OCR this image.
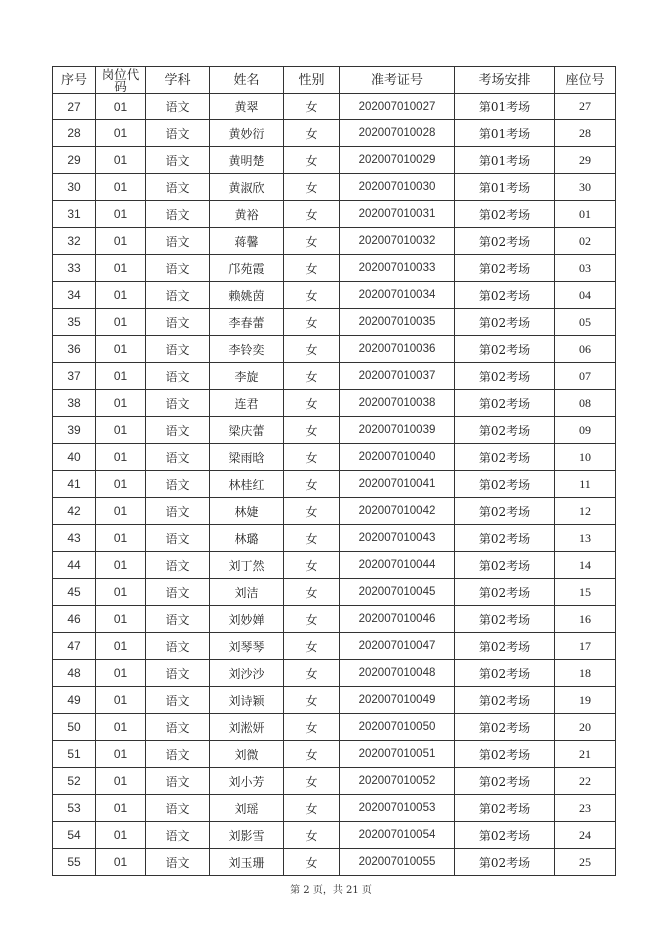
序号	岗位代码	学科	姓名	性别	准考证号	考场安排	座位号
27	01	语文	黄翠	女	202007010027	第01考场	27
28	01	语文	黄妙衍	女	202007010028	第01考场	28
29	01	语文	黄明楚	女	202007010029	第01考场	29
30	01	语文	黄淑欣	女	202007010030	第01考场	30
31	01	语文	黄裕	女	202007010031	第02考场	01
32	01	语文	蒋馨	女	202007010032	第02考场	02
33	01	语文	邝苑霞	女	202007010033	第02考场	03
34	01	语文	赖姚茵	女	202007010034	第02考场	04
35	01	语文	李春蕾	女	202007010035	第02考场	05
36	01	语文	李铃奕	女	202007010036	第02考场	06
37	01	语文	李旋	女	202007010037	第02考场	07
38	01	语文	连君	女	202007010038	第02考场	08
39	01	语文	梁庆蕾	女	202007010039	第02考场	09
40	01	语文	梁雨晗	女	202007010040	第02考场	10
41	01	语文	林桂红	女	202007010041	第02考场	11
42	01	语文	林婕	女	202007010042	第02考场	12
43	01	语文	林璐	女	202007010043	第02考场	13
44	01	语文	刘丁然	女	202007010044	第02考场	14
45	01	语文	刘洁	女	202007010045	第02考场	15
46	01	语文	刘妙婵	女	202007010046	第02考场	16
47	01	语文	刘琴琴	女	202007010047	第02考场	17
48	01	语文	刘沙沙	女	202007010048	第02考场	18
49	01	语文	刘诗颖	女	202007010049	第02考场	19
50	01	语文	刘淞妍	女	202007010050	第02考场	20
51	01	语文	刘微	女	202007010051	第02考场	21
52	01	语文	刘小芳	女	202007010052	第02考场	22
53	01	语文	刘瑶	女	202007010053	第02考场	23
54	01	语文	刘影雪	女	202007010054	第02考场	24
55	01	语文	刘玉珊	女	202007010055	第02考场	25
第 2 页，共 21 页
